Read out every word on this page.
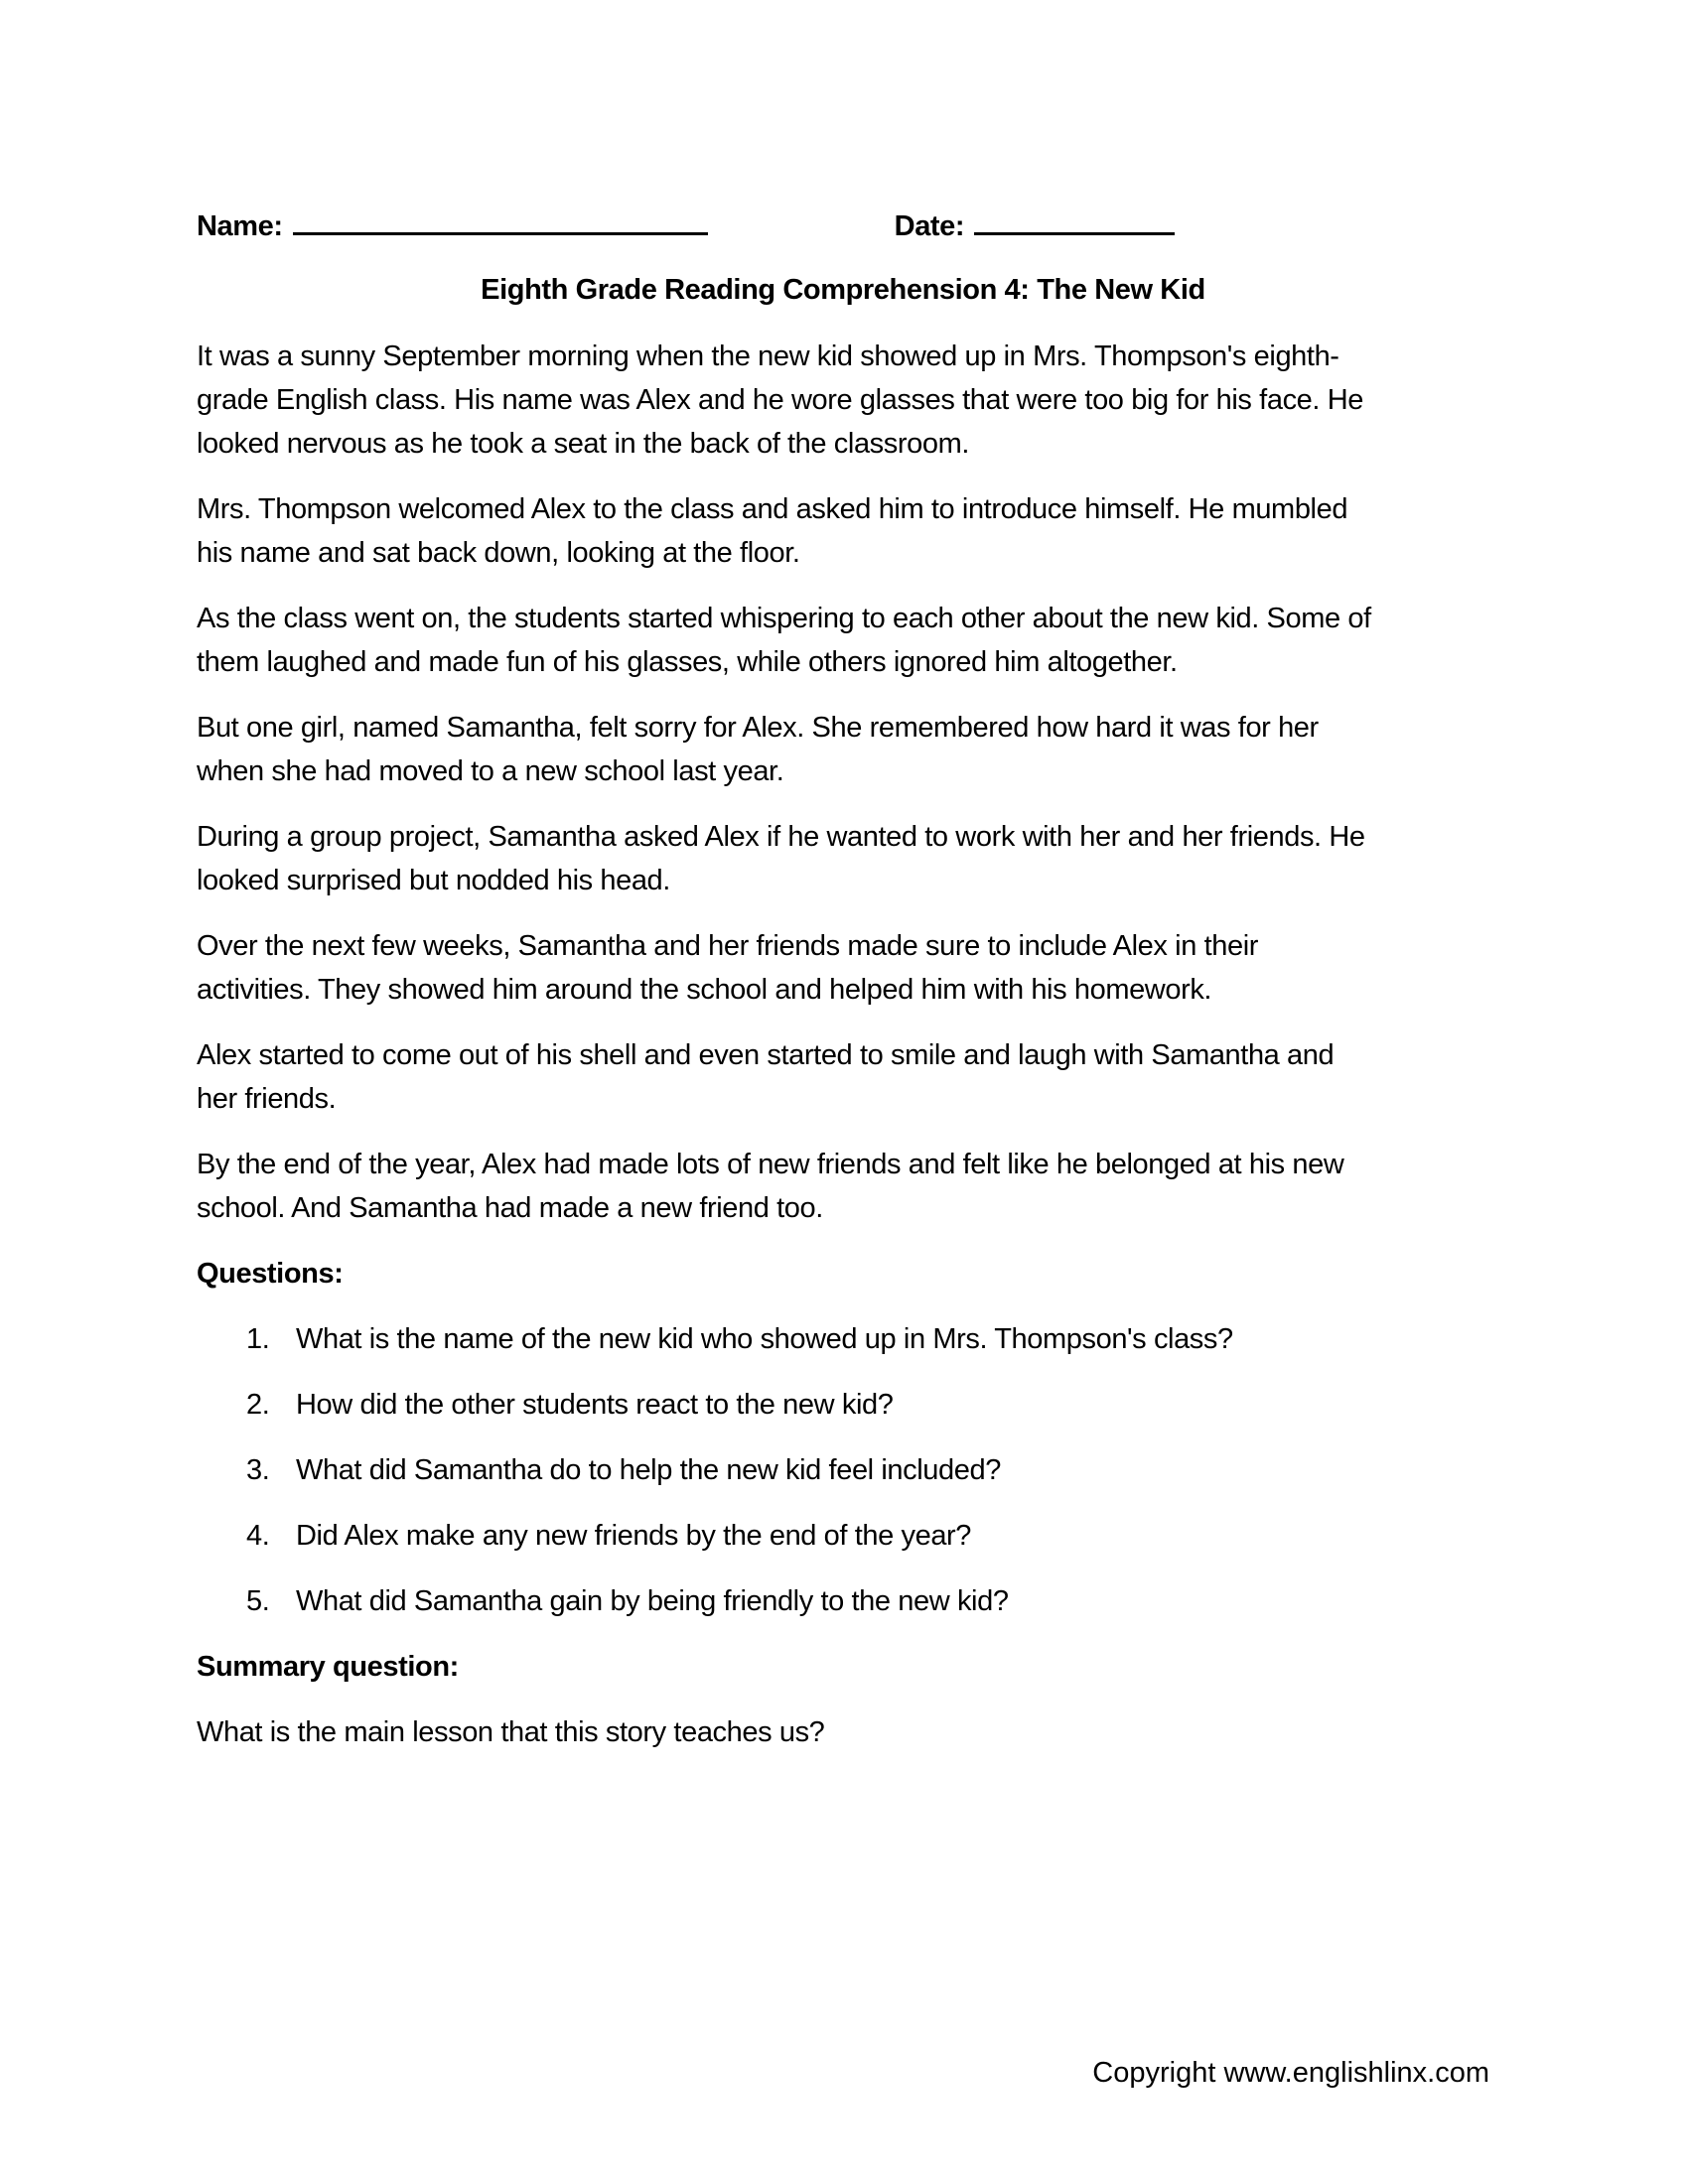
Name:	Date:
Eighth Grade Reading Comprehension 4: The New Kid

It was a sunny September morning when the new kid showed up in Mrs. Thompson's eighth-
grade English class. His name was Alex and he wore glasses that were too big for his face. He
looked nervous as he took a seat in the back of the classroom.

Mrs. Thompson welcomed Alex to the class and asked him to introduce himself. He mumbled
his name and sat back down, looking at the floor.

As the class went on, the students started whispering to each other about the new kid. Some of
them laughed and made fun of his glasses, while others ignored him altogether.

But one girl, named Samantha, felt sorry for Alex. She remembered how hard it was for her
when she had moved to a new school last year.

During a group project, Samantha asked Alex if he wanted to work with her and her friends. He
looked surprised but nodded his head.

Over the next few weeks, Samantha and her friends made sure to include Alex in their
activities. They showed him around the school and helped him with his homework.

Alex started to come out of his shell and even started to smile and laugh with Samantha and
her friends.

By the end of the year, Alex had made lots of new friends and felt like he belonged at his new
school. And Samantha had made a new friend too.

Questions:
1. What is the name of the new kid who showed up in Mrs. Thompson's class?
2. How did the other students react to the new kid?
3. What did Samantha do to help the new kid feel included?
4. Did Alex make any new friends by the end of the year?
5. What did Samantha gain by being friendly to the new kid?
Summary question:

What is the main lesson that this story teaches us?

Copyright www.englishlinx.com
